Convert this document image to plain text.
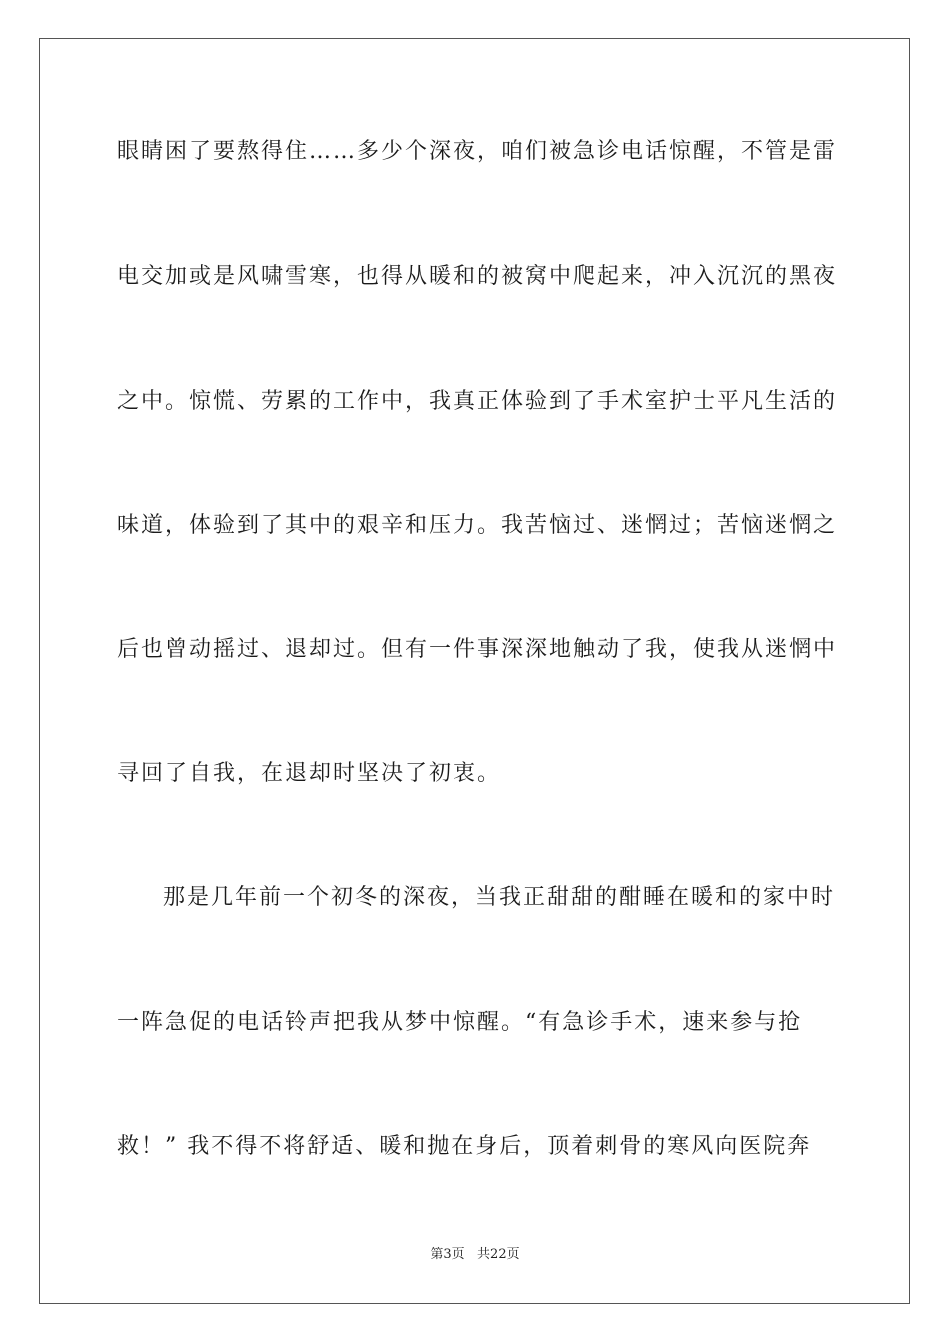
眼睛困了要熬得住……多少个深夜，咱们被急诊电话惊醒，不管是雷
电交加或是风啸雪寒，也得从暖和的被窝中爬起来，冲入沉沉的黑夜
之中。惊慌、劳累的工作中，我真正体验到了手术室护士平凡生活的
味道，体验到了其中的艰辛和压力。我苦恼过、迷惘过；苦恼迷惘之
后也曾动摇过、退却过。但有一件事深深地触动了我，使我从迷惘中
寻回了自我，在退却时坚决了初衷。
那是几年前一个初冬的深夜，当我正甜甜的酣睡在暖和的家中时
一阵急促的电话铃声把我从梦中惊醒。“有急诊手术，速来参与抢
救！” 我不得不将舒适、暖和抛在身后，顶着刺骨的寒风向医院奔
第3页   共22页
